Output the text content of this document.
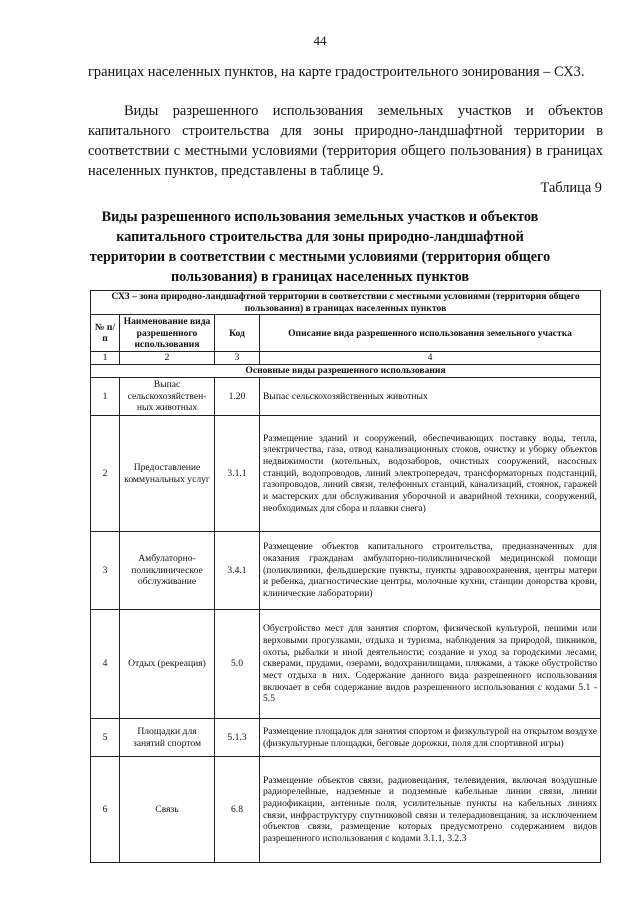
44

границах населенных пунктов, на карте градостроительного зонирования – СХ3.

Виды разрешенного использования земельных участков и объектов капитального строительства для зоны природно-ландшафтной территории в соответствии с местными условиями (территория общего пользования) в границах населенных пунктов, представлены в таблице 9.

Таблица 9

Виды разрешенного использования земельных участков и объектов капитального строительства для зоны природно-ландшафтной территории в соответствии с местными условиями (территория общего пользования) в границах населенных пунктов

СХ3 – зона природно-ландшафтной территории в соответствии с местными условиями (территория общего пользования) в границах населенных пунктов			
№ п/п	Наименование вида разрешенного использования	Код	Описание вида разрешенного использования земельного участка
1	2	3	4
Основные виды разрешенного использования			
1	Выпас сельскохозяйствен-ных животных	1.20	Выпас сельскохозяйственных животных
2	Предоставление коммунальных услуг	3.1.1	Размещение зданий и сооружений, обеспечивающих поставку воды, тепла, электричества, газа, отвод канализационных стоков, очистку и уборку объектов недвижимости (котельных, водозаборов, очистных сооружений, насосных станций, водопроводов, линий электропередач, трансформаторных подстанций, газопроводов, линий связи, телефонных станций, канализаций, стоянок, гаражей и мастерских для обслуживания уборочной и аварийной техники, сооружений, необходимых для сбора и плавки снега)
3	Амбулаторно-поликлиническое обслуживание	3.4.1	Размещение объектов капитального строительства, предназначенных для оказания гражданам амбулаторно-поликлинической медицинской помощи (поликлиники, фельдшерские пункты, пункты здравоохранения, центры матери и ребенка, диагностические центры, молочные кухни, станции донорства крови, клинические лаборатории)
4	Отдых (рекреация)	5.0	Обустройство мест для занятия спортом, физической культурой, пешими или верховыми прогулками, отдыха и туризма, наблюдения за природой, пикников, охоты, рыбалки и иной деятельности; создание и уход за городскими лесами, скверами, прудами, озерами, водохранилищами, пляжами, а также обустройство мест отдыха в них. Содержание данного вида разрешенного использования включает в себя содержание видов разрешенного использования с кодами 5.1 - 5.5
5	Площадки для занятий спортом	5.1.3	Размещение площадок для занятия спортом и физкультурой на открытом воздухе (физкультурные площадки, беговые дорожки, поля для спортивной игры)
6	Связь	6.8	Размещение объектов связи, радиовещания, телевидения, включая воздушные радиорелейные, надземные и подземные кабельные линии связи, линии радиофикации, антенные поля, усилительные пункты на кабельных линиях связи, инфраструктуру спутниковой связи и телерадиовещания, за исключением объектов связи, размещение которых предусмотрено содержанием видов разрешенного использования с кодами 3.1.1, 3.2.3
